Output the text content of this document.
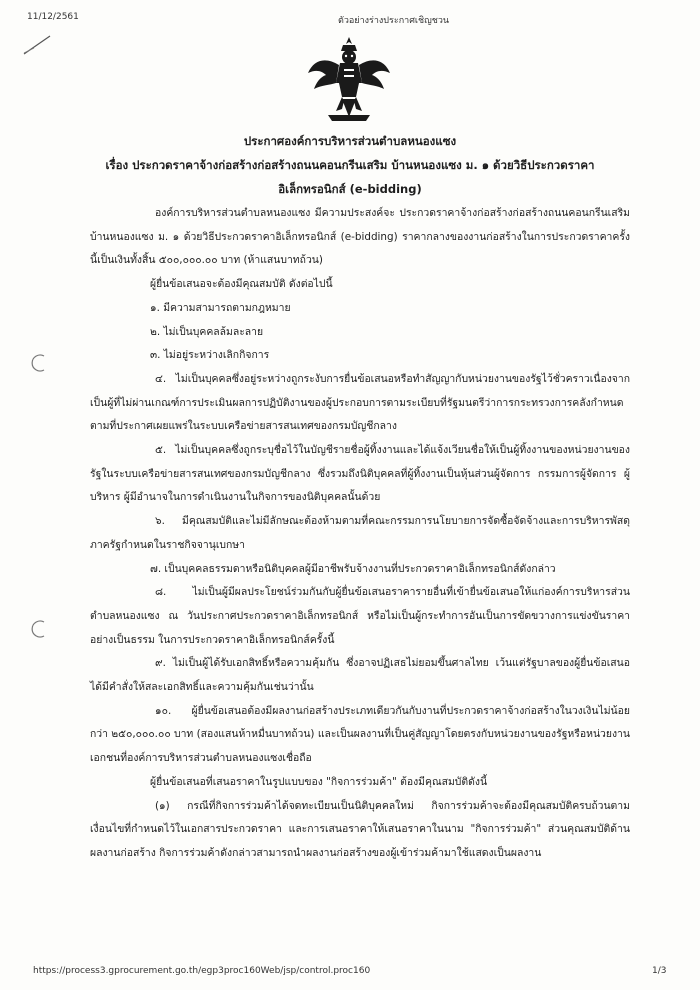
11/12/2561	ตัวอย่างร่างประกาศเชิญชวน
ประกาศองค์การบริหารส่วนตำบลหนองแซง
เรื่อง ประกวดราคาจ้างก่อสร้างก่อสร้างถนนคอนกรีนเสริม บ้านหนองแซง ม. ๑ ด้วยวิธีประกวดราคา
อิเล็กทรอนิกส์ (e-bidding)

องค์การบริหารส่วนตำบลหนองแซง มีความประสงค์จะ ประกวดราคาจ้างก่อสร้างก่อสร้างถนนคอนกรีนเสริม บ้านหนองแซง ม. ๑ ด้วยวิธีประกวดราคาอิเล็กทรอนิกส์ (e-bidding) ราคากลางของงานก่อสร้างในการประกวดราคาครั้งนี้เป็นเงินทั้งสิ้น ๕๐๐,๐๐๐.๐๐ บาท (ห้าแสนบาทถ้วน)

ผู้ยื่นข้อเสนอจะต้องมีคุณสมบัติ ดังต่อไปนี้

๑. มีความสามารถตามกฎหมาย

๒. ไม่เป็นบุคคลล้มละลาย

๓. ไม่อยู่ระหว่างเลิกกิจการ

๔. ไม่เป็นบุคคลซึ่งอยู่ระหว่างถูกระงับการยื่นข้อเสนอหรือทำสัญญากับหน่วยงานของรัฐไว้ชั่วคราวเนื่องจากเป็นผู้ที่ไม่ผ่านเกณฑ์การประเมินผลการปฏิบัติงานของผู้ประกอบการตามระเบียบที่รัฐมนตรีว่าการกระทรวงการคลังกำหนดตามที่ประกาศเผยแพร่ในระบบเครือข่ายสารสนเทศของกรมบัญชีกลาง

๕. ไม่เป็นบุคคลซึ่งถูกระบุชื่อไว้ในบัญชีรายชื่อผู้ทิ้งงานและได้แจ้งเวียนชื่อให้เป็นผู้ทิ้งงานของหน่วยงานของรัฐในระบบเครือข่ายสารสนเทศของกรมบัญชีกลาง ซึ่งรวมถึงนิติบุคคลที่ผู้ทิ้งงานเป็นหุ้นส่วนผู้จัดการ กรรมการผู้จัดการ ผู้บริหาร ผู้มีอำนาจในการดำเนินงานในกิจการของนิติบุคคลนั้นด้วย

๖. มีคุณสมบัติและไม่มีลักษณะต้องห้ามตามที่คณะกรรมการนโยบายการจัดซื้อจัดจ้างและการบริหารพัสดุภาครัฐกำหนดในราชกิจจานุเบกษา

๗. เป็นบุคคลธรรมดาหรือนิติบุคคลผู้มีอาชีพรับจ้างงานที่ประกวดราคาอิเล็กทรอนิกส์ดังกล่าว

๘. ไม่เป็นผู้มีผลประโยชน์ร่วมกันกับผู้ยื่นข้อเสนอราคารายอื่นที่เข้ายื่นข้อเสนอให้แก่องค์การบริหารส่วนตำบลหนองแซง ณ วันประกาศประกวดราคาอิเล็กทรอนิกส์ หรือไม่เป็นผู้กระทำการอันเป็นการขัดขวางการแข่งขันราคาอย่างเป็นธรรม ในการประกวดราคาอิเล็กทรอนิกส์ครั้งนี้

๙. ไม่เป็นผู้ได้รับเอกสิทธิ์หรือความคุ้มกัน ซึ่งอาจปฏิเสธไม่ยอมขึ้นศาลไทย เว้นแต่รัฐบาลของผู้ยื่นข้อเสนอได้มีคำสั่งให้สละเอกสิทธิ์และความคุ้มกันเช่นว่านั้น

๑๐. ผู้ยื่นข้อเสนอต้องมีผลงานก่อสร้างประเภทเดียวกันกับงานที่ประกวดราคาจ้างก่อสร้างในวงเงินไม่น้อยกว่า ๒๕๐,๐๐๐.๐๐ บาท (สองแสนห้าหมื่นบาทถ้วน) และเป็นผลงานที่เป็นคู่สัญญาโดยตรงกับหน่วยงานของรัฐหรือหน่วยงานเอกชนที่องค์การบริหารส่วนตำบลหนองแซงเชื่อถือ

ผู้ยื่นข้อเสนอที่เสนอราคาในรูปแบบของ "กิจการร่วมค้า" ต้องมีคุณสมบัติดังนี้

(๑) กรณีที่กิจการร่วมค้าได้จดทะเบียนเป็นนิติบุคคลใหม่ กิจการร่วมค้าจะต้องมีคุณสมบัติครบถ้วนตามเงื่อนไขที่กำหนดไว้ในเอกสารประกวดราคา และการเสนอราคาให้เสนอราคาในนาม "กิจการร่วมค้า" ส่วนคุณสมบัติด้านผลงานก่อสร้าง กิจการร่วมค้าดังกล่าวสามารถนำผลงานก่อสร้างของผู้เข้าร่วมค้ามาใช้แสดงเป็นผลงาน

https://process3.gprocurement.go.th/egp3proc160Web/jsp/control.proc160	1/3
